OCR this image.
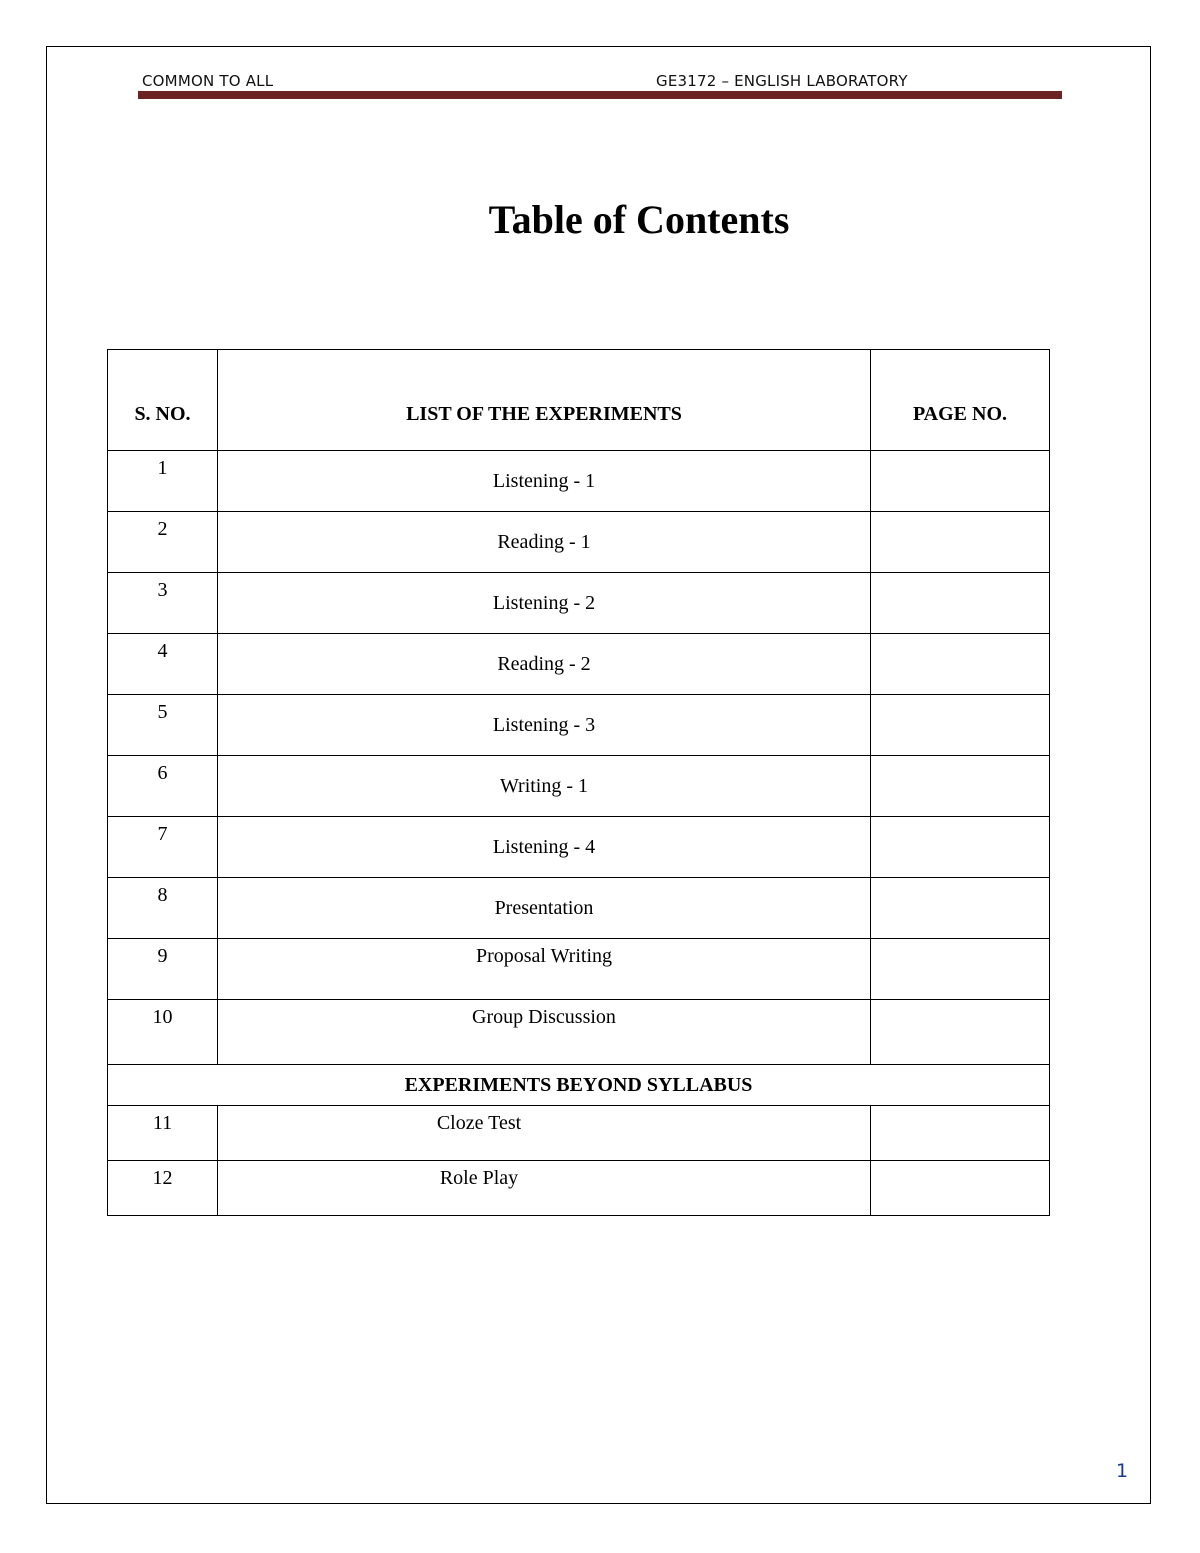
COMMON TO ALL	GE3172 – ENGLISH LABORATORY
Table of Contents
S. NO.	LIST OF THE EXPERIMENTS	PAGE NO.
1	Listening - 1	
2	Reading - 1	
3	Listening - 2	
4	Reading - 2	
5	Listening - 3	
6	Writing - 1	
7	Listening - 4	
8	Presentation	
9	Proposal Writing	
10	Group Discussion	
EXPERIMENTS BEYOND SYLLABUS		
11	Cloze Test	
12	Role Play	
1
